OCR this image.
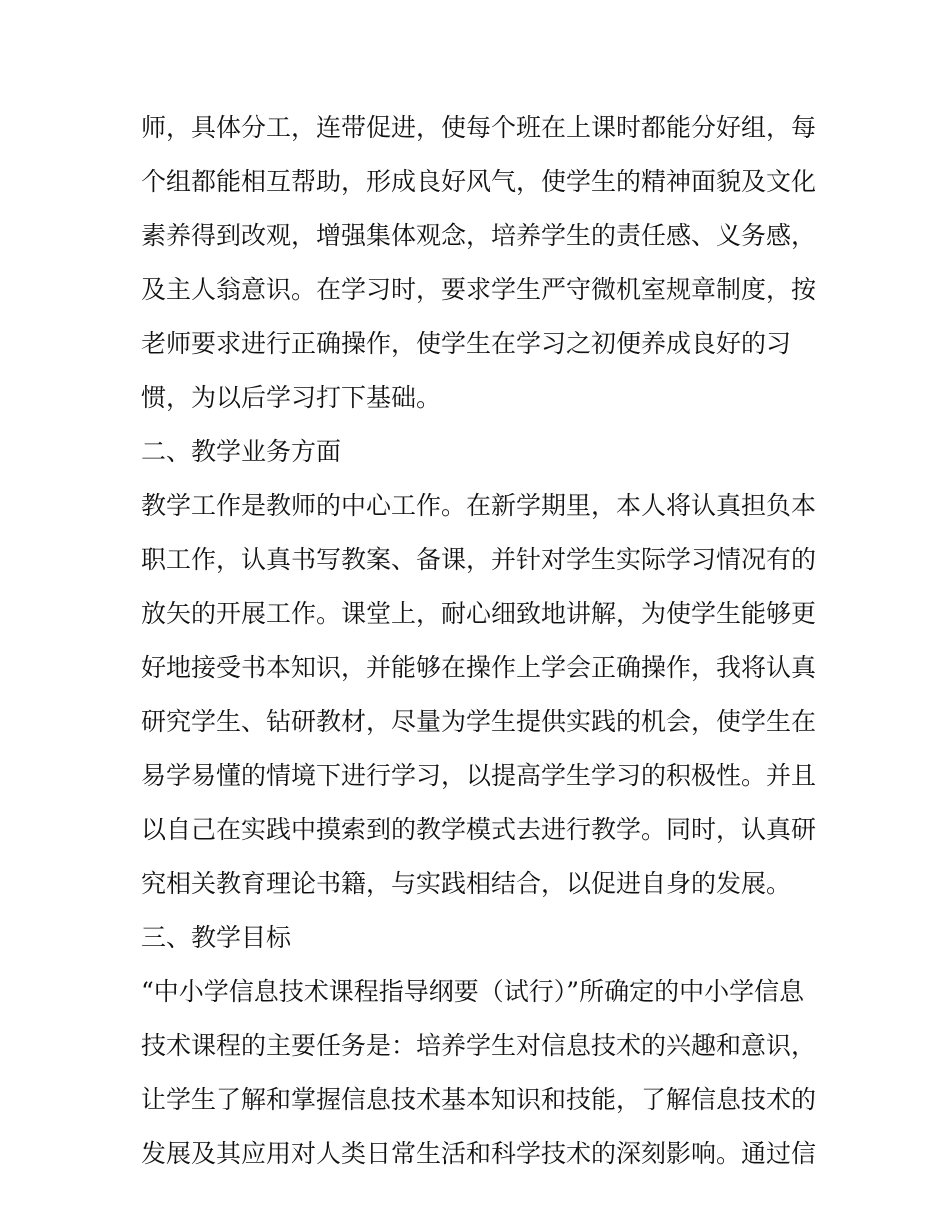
师，具体分工，连带促进，使每个班在上课时都能分好组，每
个组都能相互帮助，形成良好风气，使学生的精神面貌及文化
素养得到改观，增强集体观念，培养学生的责任感、义务感，
及主人翁意识。在学习时，要求学生严守微机室规章制度，按
老师要求进行正确操作，使学生在学习之初便养成良好的习
惯，为以后学习打下基础。
二、教学业务方面
教学工作是教师的中心工作。在新学期里，本人将认真担负本
职工作，认真书写教案、备课，并针对学生实际学习情况有的
放矢的开展工作。课堂上，耐心细致地讲解，为使学生能够更
好地接受书本知识，并能够在操作上学会正确操作，我将认真
研究学生、钻研教材，尽量为学生提供实践的机会，使学生在
易学易懂的情境下进行学习，以提高学生学习的积极性。并且
以自己在实践中摸索到的教学模式去进行教学。同时，认真研
究相关教育理论书籍，与实践相结合，以促进自身的发展。
三、教学目标
“中小学信息技术课程指导纲要（试行）”所确定的中小学信息
技术课程的主要任务是：培养学生对信息技术的兴趣和意识，
让学生了解和掌握信息技术基本知识和技能，了解信息技术的
发展及其应用对人类日常生活和科学技术的深刻影响。通过信
